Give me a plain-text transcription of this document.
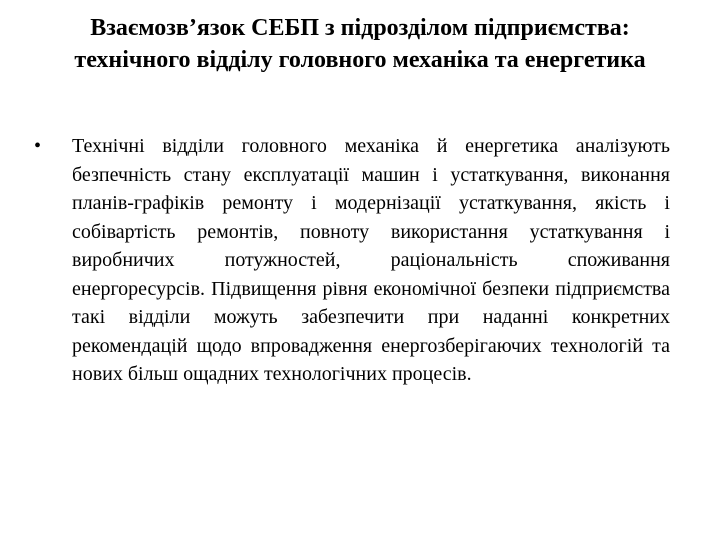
Взаємозв’язок СЕБП з підрозділом підприємства: технічного відділу головного механіка та енергетика
•	Технічні відділи головного механіка й енергетика аналізують безпечність стану експлуатації машин і устаткування, виконання планів-графіків ремонту і модернізації устаткування, якість і собівартість ремонтів, повноту використання устаткування і виробничих потужностей, раціональність споживання енергоресурсів. Підвищення рівня економічної безпеки підприємства такі відділи можуть забезпечити при наданні конкретних рекомендацій щодо впровадження енергозберігаючих технологій та нових більш ощадних технологічних процесів.
